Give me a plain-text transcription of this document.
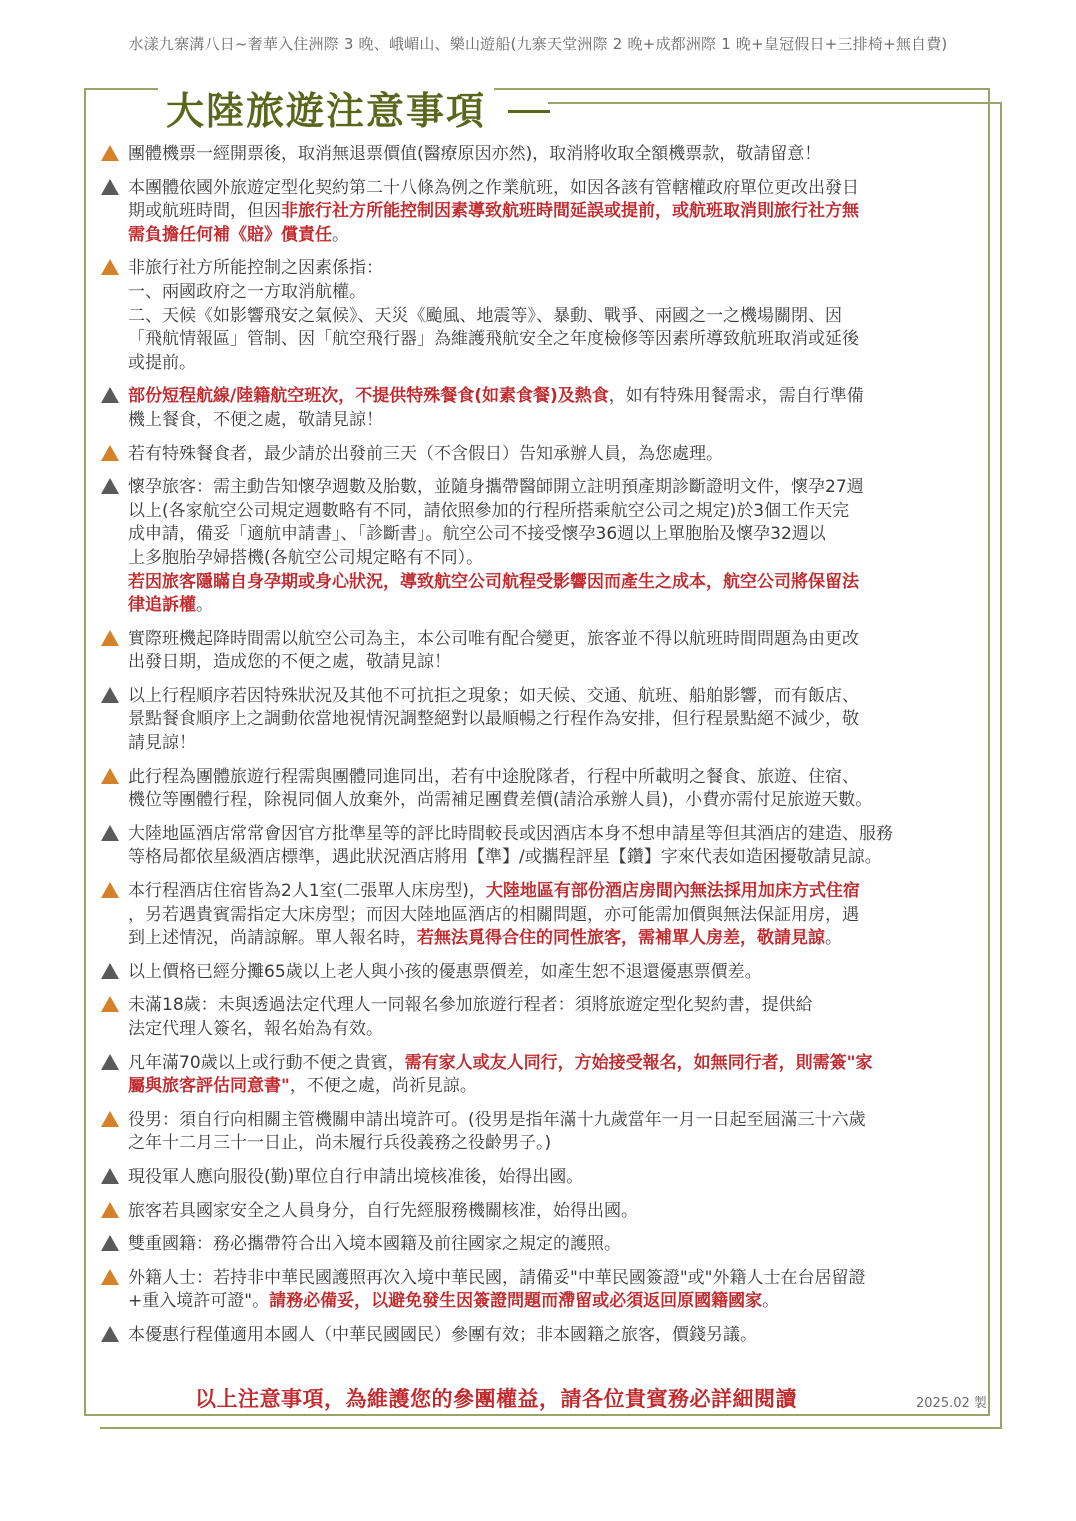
水漾九寨溝八日~奢華入住洲際 3 晚、峨嵋山、樂山遊船(九寨天堂洲際 2 晚+成都洲際 1 晚+皇冠假日+三排椅+無自費)
大陸旅遊注意事項
團體機票一經開票後，取消無退票價值(醫療原因亦然)，取消將收取全額機票款，敬請留意！
本團體依國外旅遊定型化契約第二十八條為例之作業航班，如因各該有管轄權政府單位更改出發日
期或航班時間，但因非旅行社方所能控制因素導致航班時間延誤或提前，或航班取消則旅行社方無
需負擔任何補《賠》償責任。
非旅行社方所能控制之因素係指：
一、兩國政府之一方取消航權。
二、天候《如影響飛安之氣候》、天災《颱風、地震等》、暴動、戰爭、兩國之一之機場關閉、因
「飛航情報區」管制、因「航空飛行器」為維護飛航安全之年度檢修等因素所導致航班取消或延後
或提前。
部份短程航線/陸籍航空班次，不提供特殊餐食(如素食餐)及熱食，如有特殊用餐需求，需自行準備
機上餐食，不便之處，敬請見諒！
若有特殊餐食者，最少請於出發前三天（不含假日）告知承辦人員，為您處理。
懷孕旅客：需主動告知懷孕週數及胎數，並隨身攜帶醫師開立註明預產期診斷證明文件，懷孕27週
以上(各家航空公司規定週數略有不同，請依照參加的行程所搭乘航空公司之規定)於3個工作天完
成申請，備妥「適航申請書」、「診斷書」。航空公司不接受懷孕36週以上單胞胎及懷孕32週以
上多胞胎孕婦搭機(各航空公司規定略有不同）。
若因旅客隱瞞自身孕期或身心狀況，導致航空公司航程受影響因而產生之成本，航空公司將保留法
律追訴權。
實際班機起降時間需以航空公司為主，本公司唯有配合變更，旅客並不得以航班時間問題為由更改
出發日期，造成您的不便之處，敬請見諒！
以上行程順序若因特殊狀況及其他不可抗拒之現象；如天候、交通、航班、船舶影響，而有飯店、
景點餐食順序上之調動依當地視情況調整絕對以最順暢之行程作為安排，但行程景點絕不減少，敬
請見諒！
此行程為團體旅遊行程需與團體同進同出，若有中途脫隊者，行程中所載明之餐食、旅遊、住宿、
機位等團體行程，除視同個人放棄外，尚需補足團費差價(請洽承辦人員)，小費亦需付足旅遊天數。
大陸地區酒店常常會因官方批準星等的評比時間較長或因酒店本身不想申請星等但其酒店的建造、服務
等格局都依星級酒店標準，遇此狀況酒店將用【準】/或攜程評星【鑽】字來代表如造困擾敬請見諒。
本行程酒店住宿皆為2人1室(二張單人床房型)，大陸地區有部份酒店房間內無法採用加床方式住宿
，另若遇貴賓需指定大床房型；而因大陸地區酒店的相關問題，亦可能需加價與無法保証用房，遇
到上述情況，尚請諒解。單人報名時，若無法覓得合住的同性旅客，需補單人房差，敬請見諒。
以上價格已經分攤65歲以上老人與小孩的優惠票價差，如產生恕不退還優惠票價差。
未滿18歲：未與透過法定代理人一同報名參加旅遊行程者：須將旅遊定型化契約書，提供給
法定代理人簽名，報名始為有效。
凡年滿70歲以上或行動不便之貴賓，需有家人或友人同行，方始接受報名，如無同行者，則需簽"家
屬與旅客評估同意書"，不便之處，尚祈見諒。
役男：須自行向相關主管機關申請出境許可。(役男是指年滿十九歲當年一月一日起至屆滿三十六歲
之年十二月三十一日止，尚未履行兵役義務之役齡男子。)
現役軍人應向服役(勤)單位自行申請出境核准後，始得出國。
旅客若具國家安全之人員身分，自行先經服務機關核准，始得出國。
雙重國籍：務必攜帶符合出入境本國籍及前往國家之規定的護照。
外籍人士：若持非中華民國護照再次入境中華民國，請備妥"中華民國簽證"或"外籍人士在台居留證
+重入境許可證"。請務必備妥，以避免發生因簽證問題而滯留或必須返回原國籍國家。
本優惠行程僅適用本國人（中華民國國民）參團有效；非本國籍之旅客，價錢另議。
以上注意事項，為維護您的參團權益，請各位貴賓務必詳細閱讀	2025.02 製
